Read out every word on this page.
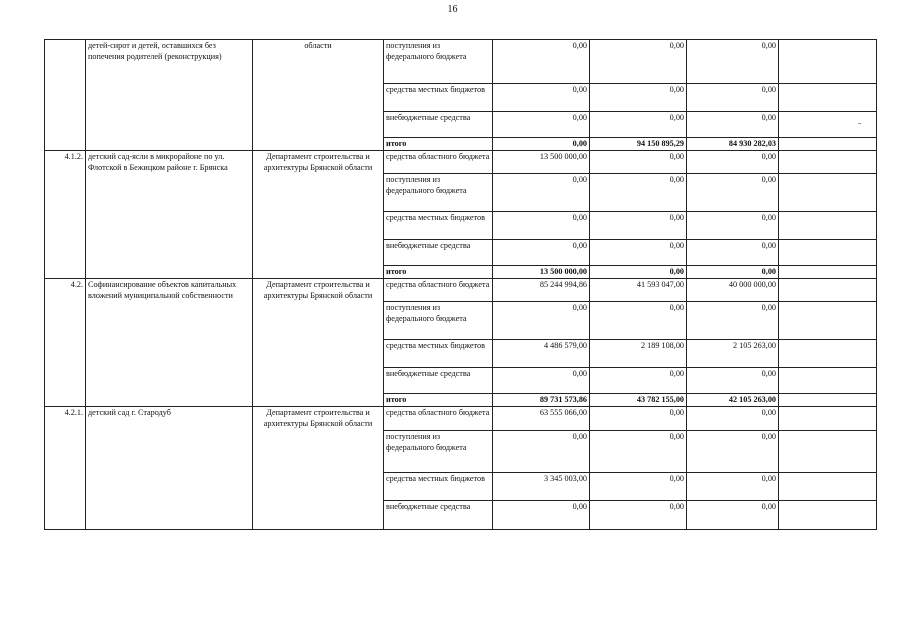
16
	детей-сирот и детей, оставшихся без попечения родителей (реконструкция)	области	поступления из федерального бюджета	0,00	0,00	0,00	
			средства местных бюджетов	0,00	0,00	0,00	
			внебюджетные средства	0,00	0,00	0,00	
			итого	0,00	94 150 895,29	84 930 282,03	
4.1.2.	детский сад-ясли в микрорайоне по ул. Флотской в Бежицком районе г. Брянска	Департамент строительства и архитектуры Брянской области	средства областного бюджета	13 500 000,00	0,00	0,00	
			поступления из федерального бюджета	0,00	0,00	0,00	
			средства местных бюджетов	0,00	0,00	0,00	
			внебюджетные средства	0,00	0,00	0,00	
			итого	13 500 000,00	0,00	0,00	
4.2.	Софинансирование объектов капитальных вложений муниципальной собственности	Департамент строительства и архитектуры Брянской области	средства областного бюджета	85 244 994,86	41 593 047,00	40 000 000,00	
			поступления из федерального бюджета	0,00	0,00	0,00	
			средства местных бюджетов	4 486 579,00	2 189 108,00	2 105 263,00	
			внебюджетные средства	0,00	0,00	0,00	
			итого	89 731 573,86	43 782 155,00	42 105 263,00	
4.2.1.	детский сад г. Стародуб	Департамент строительства и архитектуры Брянской области	средства областного бюджета	63 555 066,00	0,00	0,00	
			поступления из федерального бюджета	0,00	0,00	0,00	
			средства местных бюджетов	3 345 003,00	0,00	0,00	
			внебюджетные средства	0,00	0,00	0,00	
